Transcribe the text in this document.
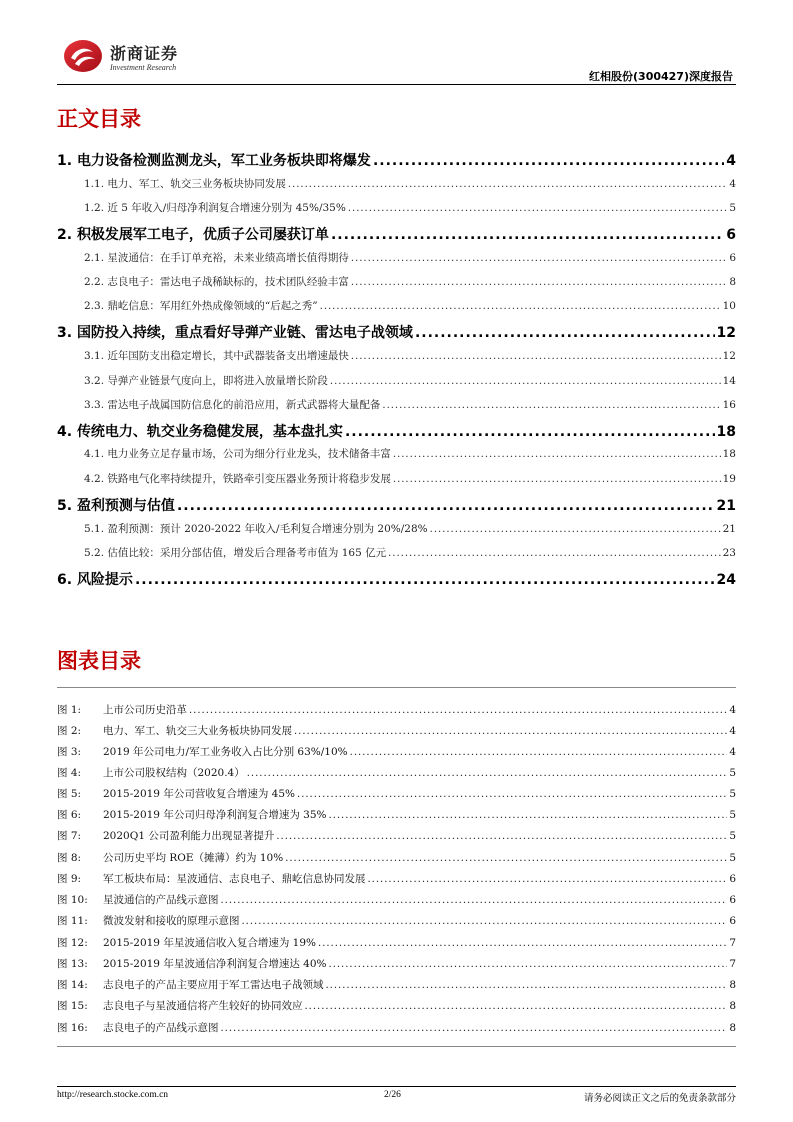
浙商证券
Investment Research
红相股份(300427)深度报告
正文目录
1. 电力设备检测监测龙头，军工业务板块即将爆发 .....	4
1.1. 电力、军工、轨交三业务板块协同发展 .....	4
1.2. 近 5 年收入/归母净利润复合增速分别为 45%/35% .....	5
2. 积极发展军工电子，优质子公司屡获订单 .....	6
2.1. 星波通信：在手订单充裕，未来业绩高增长值得期待 .....	6
2.2. 志良电子：雷达电子战稀缺标的，技术团队经验丰富 .....	8
2.3. 鼎屹信息：军用红外热成像领域的“后起之秀” .....	10
3. 国防投入持续，重点看好导弹产业链、雷达电子战领域 .....	12
3.1. 近年国防支出稳定增长，其中武器装备支出增速最快 .....	12
3.2. 导弹产业链景气度向上，即将进入放量增长阶段 .....	14
3.3. 雷达电子战属国防信息化的前沿应用，新式武器将大量配备 .....	16
4. 传统电力、轨交业务稳健发展，基本盘扎实 .....	18
4.1. 电力业务立足存量市场，公司为细分行业龙头，技术储备丰富 .....	18
4.2. 铁路电气化率持续提升，铁路牵引变压器业务预计将稳步发展 .....	19
5. 盈利预测与估值 .....	21
5.1. 盈利预测：预计 2020-2022 年收入/毛利复合增速分别为 20%/28% .....	21
5.2. 估值比较：采用分部估值，增发后合理备考市值为 165 亿元 .....	23
6. 风险提示 .....	24
图表目录
图 1: 上市公司历史沿革 .....	4
图 2: 电力、军工、轨交三大业务板块协同发展 .....	4
图 3: 2019 年公司电力/军工业务收入占比分别 63%/10% .....	4
图 4: 上市公司股权结构（2020.4） .....	5
图 5: 2015-2019 年公司营收复合增速为 45% .....	5
图 6: 2015-2019 年公司归母净利润复合增速为 35% .....	5
图 7: 2020Q1 公司盈利能力出现显著提升 .....	5
图 8: 公司历史平均 ROE（摊薄）约为 10% .....	5
图 9: 军工板块布局：星波通信、志良电子、鼎屹信息协同发展 .....	6
图 10: 星波通信的产品线示意图 .....	6
图 11: 微波发射和接收的原理示意图 .....	6
图 12: 2015-2019 年星波通信收入复合增速为 19% .....	7
图 13: 2015-2019 年星波通信净利润复合增速达 40% .....	7
图 14: 志良电子的产品主要应用于军工雷达电子战领域 .....	8
图 15: 志良电子与星波通信将产生较好的协同效应 .....	8
图 16: 志良电子的产品线示意图 .....	8
http://research.stocke.com.cn	2/26	请务必阅读正文之后的免责条款部分
